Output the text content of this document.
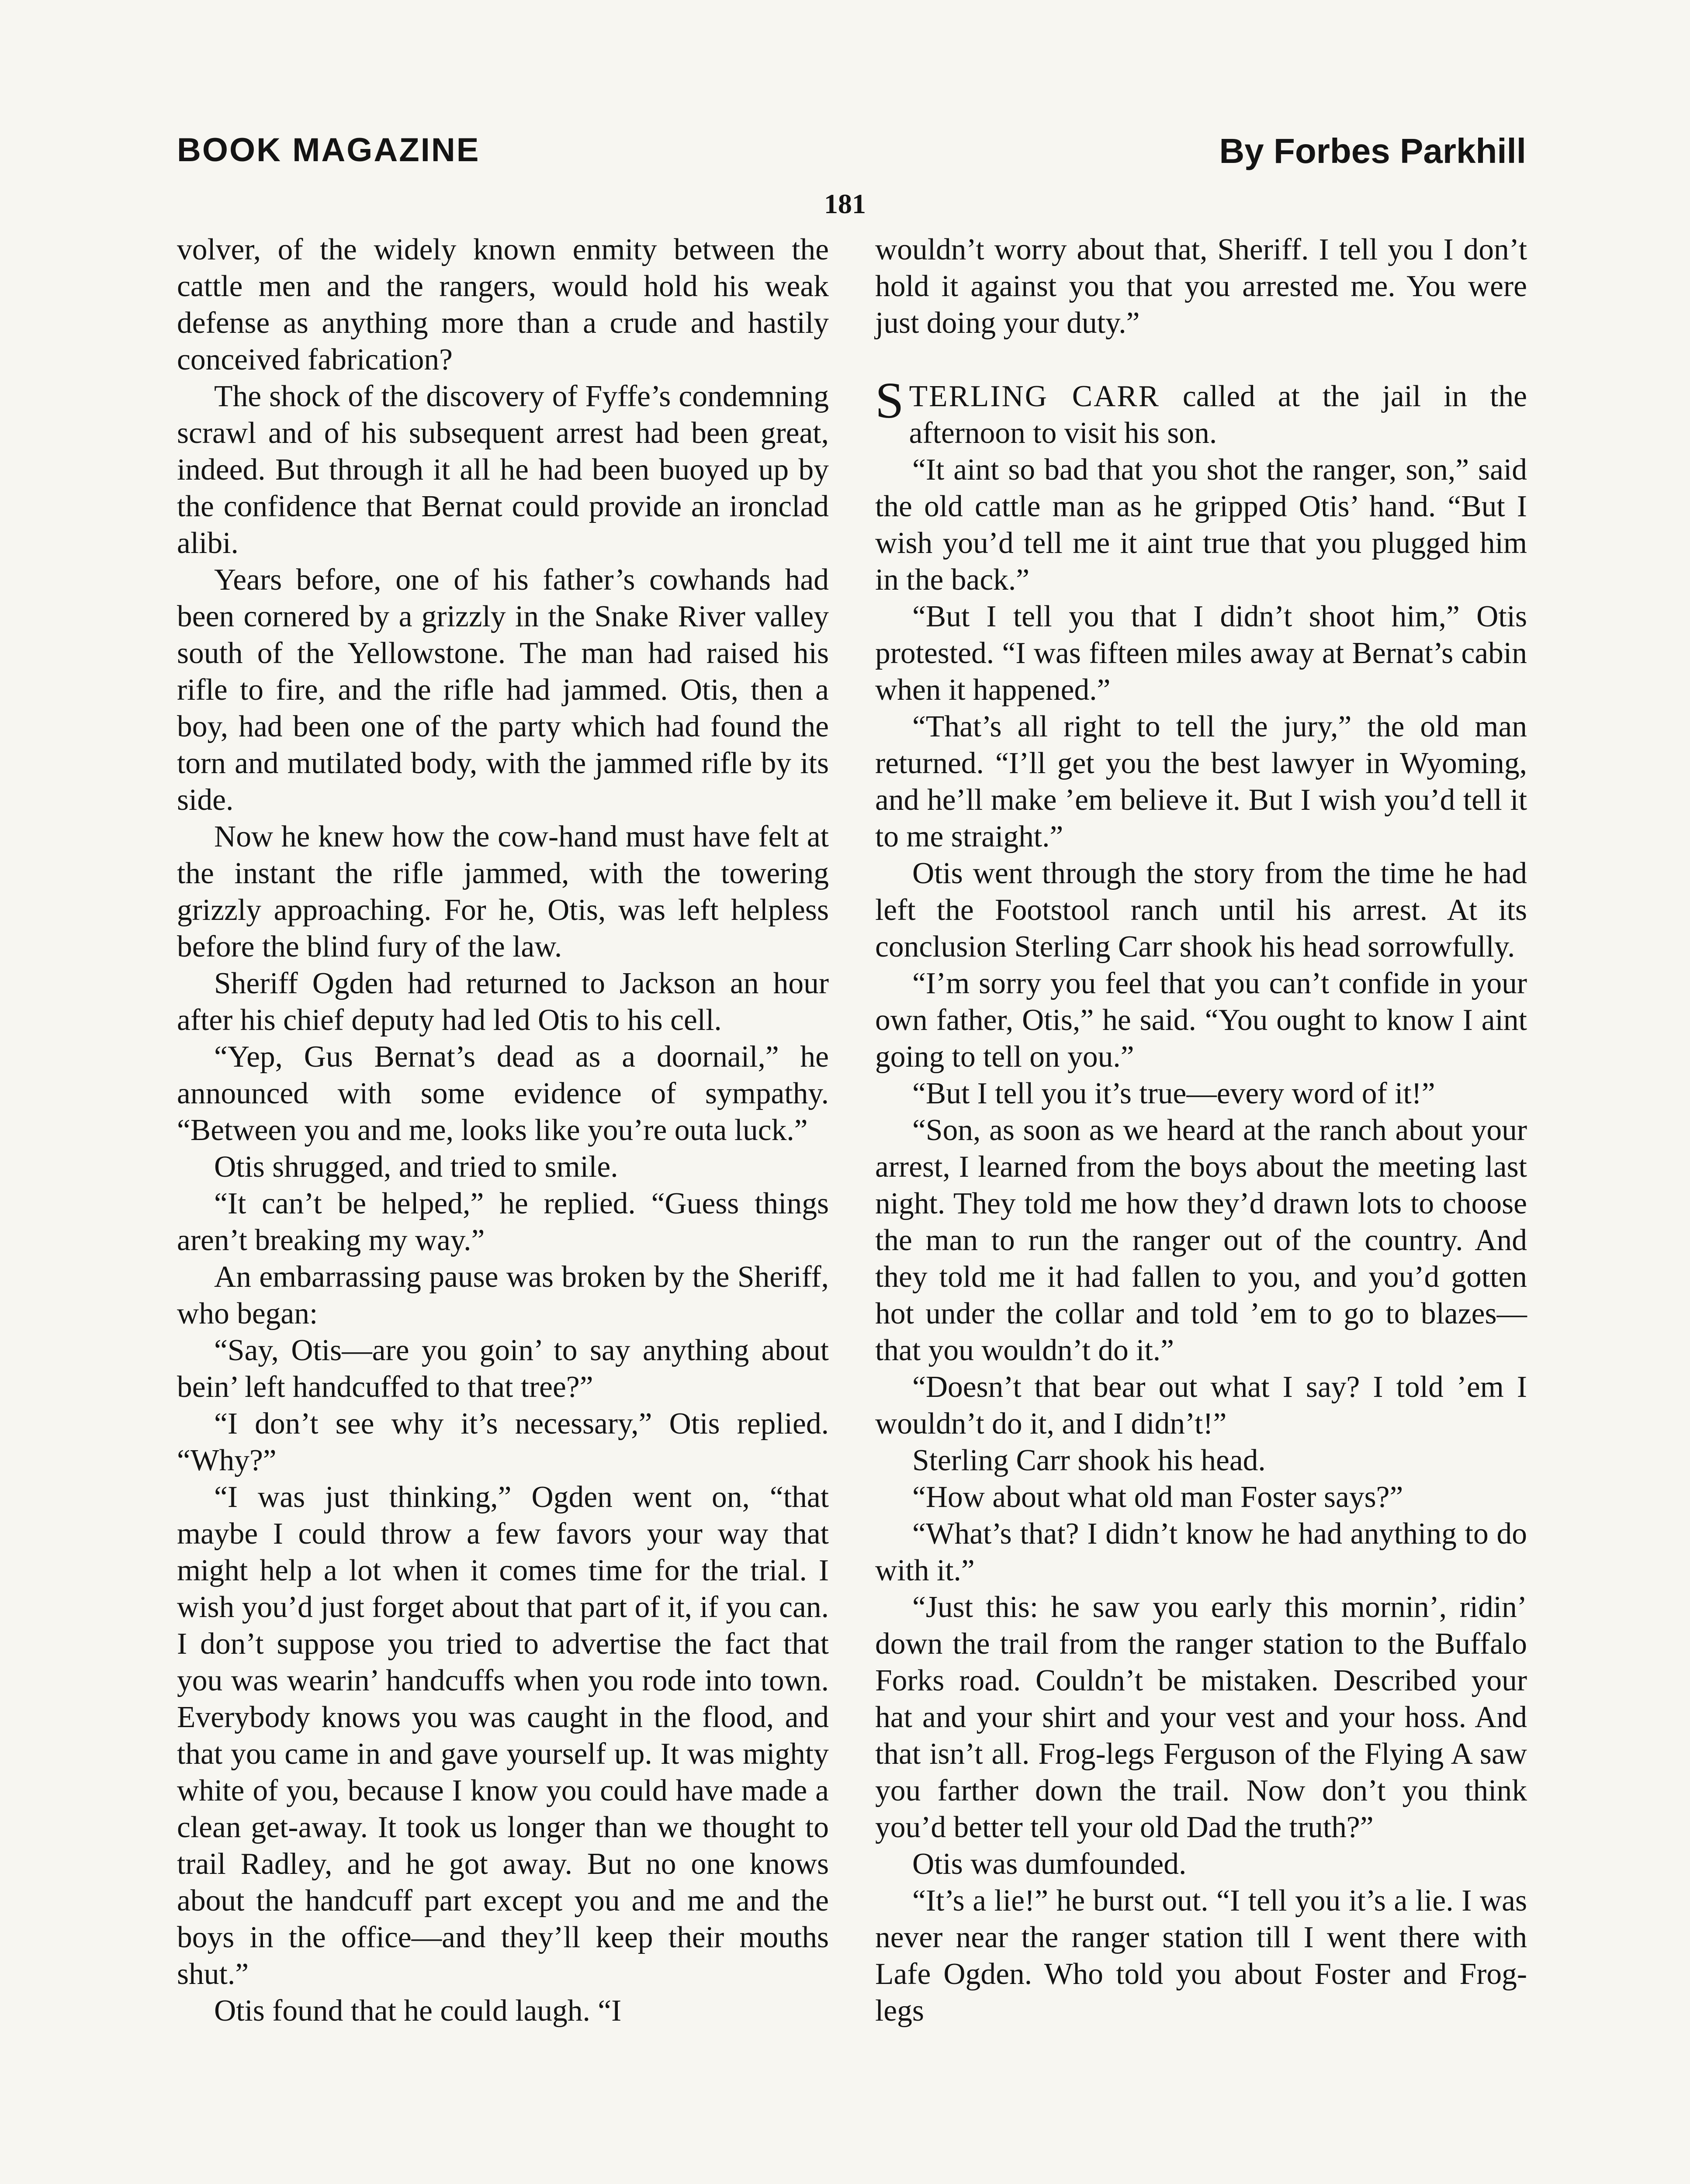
BOOK MAGAZINE	By Forbes Parkhill
181

volver, of the widely known enmity between the cattle men and the rangers, would hold his weak defense as anything more than a crude and hastily conceived fabrication?

The shock of the discovery of Fyffe’s condemning scrawl and of his subsequent arrest had been great, indeed. But through it all he had been buoyed up by the confidence that Bernat could provide an ironclad alibi.

Years before, one of his father’s cowhands had been cornered by a grizzly in the Snake River valley south of the Yellowstone. The man had raised his rifle to fire, and the rifle had jammed. Otis, then a boy, had been one of the party which had found the torn and mutilated body, with the jammed rifle by its side.

Now he knew how the cow-hand must have felt at the instant the rifle jammed, with the towering grizzly approaching. For he, Otis, was left helpless before the blind fury of the law.

Sheriff Ogden had returned to Jackson an hour after his chief deputy had led Otis to his cell.

“Yep, Gus Bernat’s dead as a doornail,” he announced with some evidence of sympathy. “Between you and me, looks like you’re outa luck.”

Otis shrugged, and tried to smile.

“It can’t be helped,” he replied. “Guess things aren’t breaking my way.”

An embarrassing pause was broken by the Sheriff, who began:

“Say, Otis—are you goin’ to say anything about bein’ left handcuffed to that tree?”

“I don’t see why it’s necessary,” Otis replied. “Why?”

“I was just thinking,” Ogden went on, “that maybe I could throw a few favors your way that might help a lot when it comes time for the trial. I wish you’d just forget about that part of it, if you can. I don’t suppose you tried to advertise the fact that you was wearin’ handcuffs when you rode into town. Everybody knows you was caught in the flood, and that you came in and gave yourself up. It was mighty white of you, because I know you could have made a clean get-away. It took us longer than we thought to trail Radley, and he got away. But no one knows about the handcuff part except you and me and the boys in the office—and they’ll keep their mouths shut.”

Otis found that he could laugh. “I

wouldn’t worry about that, Sheriff. I tell you I don’t hold it against you that you arrested me. You were just doing your duty.”

STERLING CARR called at the jail in the afternoon to visit his son.

“It aint so bad that you shot the ranger, son,” said the old cattle man as he gripped Otis’ hand. “But I wish you’d tell me it aint true that you plugged him in the back.”

“But I tell you that I didn’t shoot him,” Otis protested. “I was fifteen miles away at Bernat’s cabin when it happened.”

“That’s all right to tell the jury,” the old man returned. “I’ll get you the best lawyer in Wyoming, and he’ll make ’em believe it. But I wish you’d tell it to me straight.”

Otis went through the story from the time he had left the Footstool ranch until his arrest. At its conclusion Sterling Carr shook his head sorrowfully.

“I’m sorry you feel that you can’t confide in your own father, Otis,” he said. “You ought to know I aint going to tell on you.”

“But I tell you it’s true—every word of it!”

“Son, as soon as we heard at the ranch about your arrest, I learned from the boys about the meeting last night. They told me how they’d drawn lots to choose the man to run the ranger out of the country. And they told me it had fallen to you, and you’d gotten hot under the collar and told ’em to go to blazes—that you wouldn’t do it.”

“Doesn’t that bear out what I say? I told ’em I wouldn’t do it, and I didn’t!”

Sterling Carr shook his head.

“How about what old man Foster says?”

“What’s that? I didn’t know he had anything to do with it.”

“Just this: he saw you early this mornin’, ridin’ down the trail from the ranger station to the Buffalo Forks road. Couldn’t be mistaken. Described your hat and your shirt and your vest and your hoss. And that isn’t all. Frog-legs Ferguson of the Flying A saw you farther down the trail. Now don’t you think you’d better tell your old Dad the truth?”

Otis was dumfounded.

“It’s a lie!” he burst out. “I tell you it’s a lie. I was never near the ranger station till I went there with Lafe Ogden. Who told you about Foster and Frog-legs
